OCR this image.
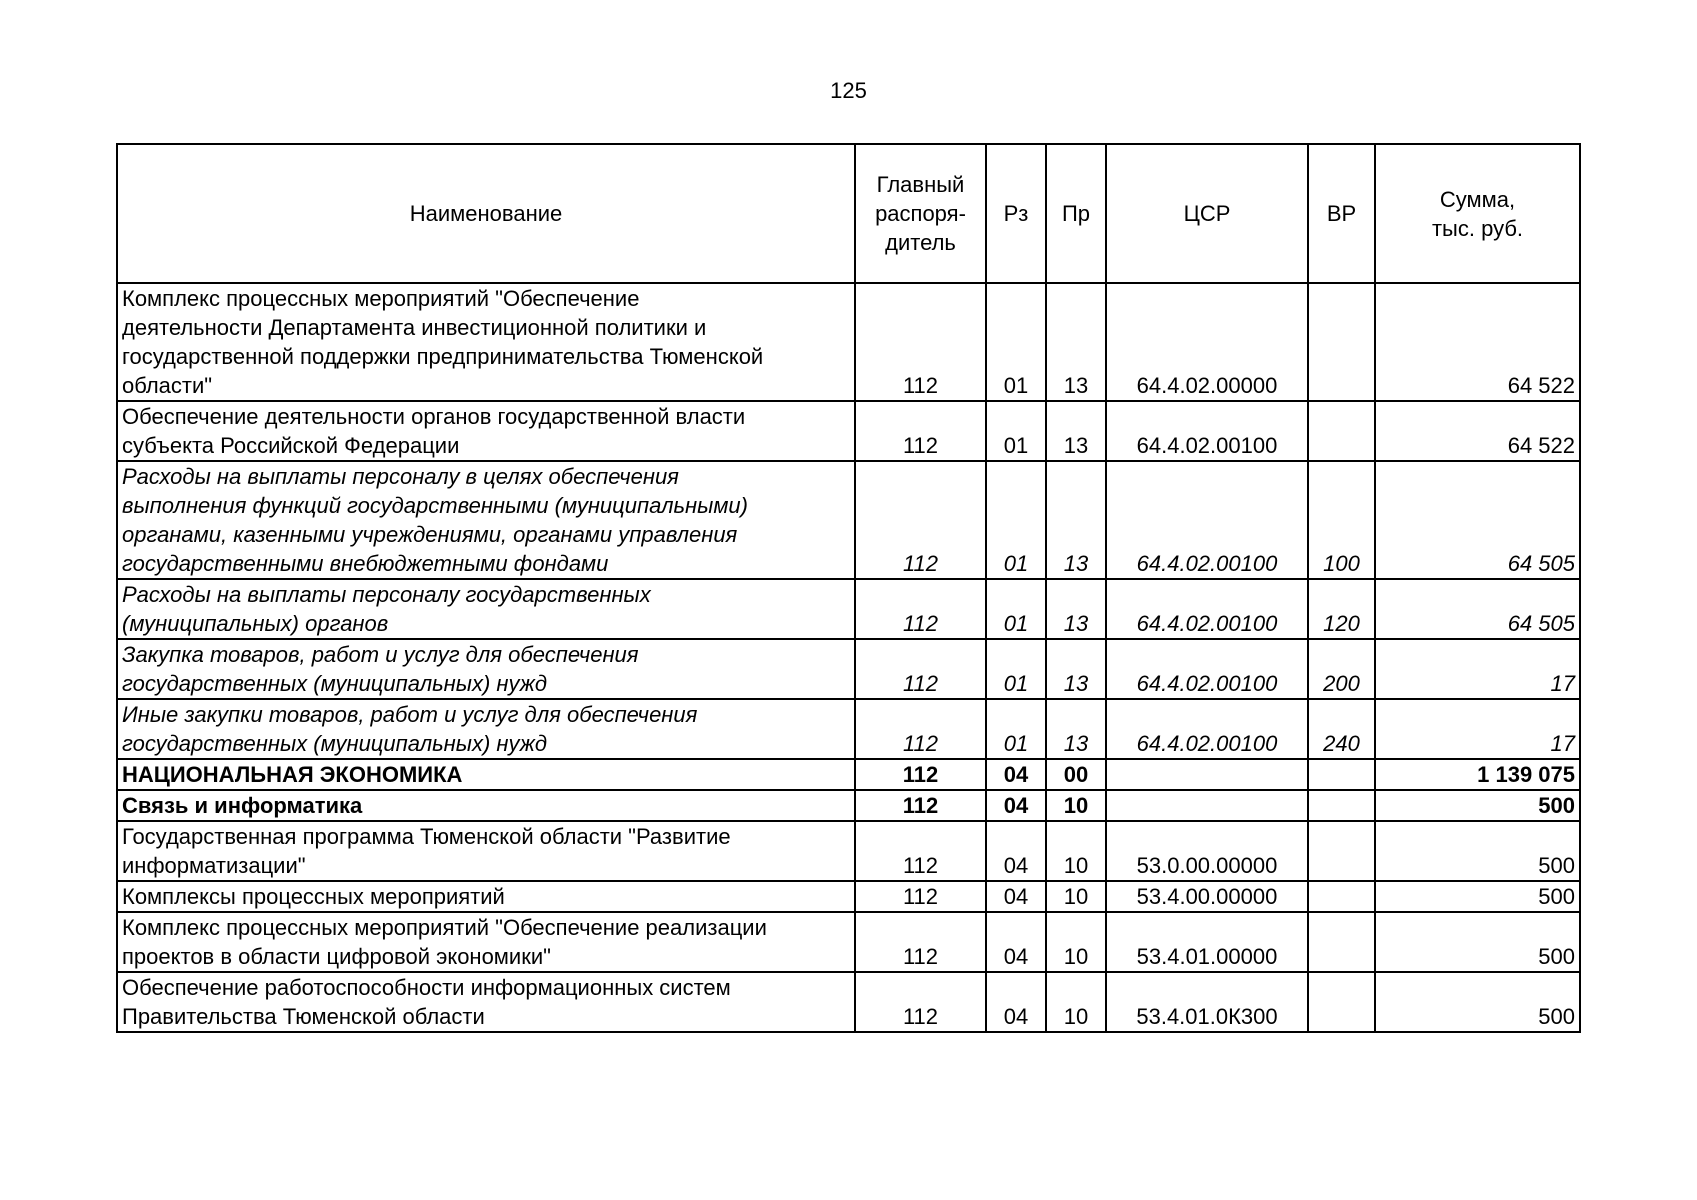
125
Наименование	Главный
распоря-
дитель	Рз	Пр	ЦСР	ВР	Сумма,
тыс. руб.
Комплекс процессных мероприятий "Обеспечение
деятельности Департамента инвестиционной политики и
государственной поддержки предпринимательства Тюменской
области"	112	01	13	64.4.02.00000		64 522
Обеспечение деятельности органов государственной власти
субъекта Российской Федерации	112	01	13	64.4.02.00100		64 522
Расходы на выплаты персоналу в целях обеспечения
выполнения функций государственными (муниципальными)
органами, казенными учреждениями, органами управления
государственными внебюджетными фондами	112	01	13	64.4.02.00100	100	64 505
Расходы на выплаты персоналу государственных
(муниципальных) органов	112	01	13	64.4.02.00100	120	64 505
Закупка товаров, работ и услуг для обеспечения
государственных (муниципальных) нужд	112	01	13	64.4.02.00100	200	17
Иные закупки товаров, работ и услуг для обеспечения
государственных (муниципальных) нужд	112	01	13	64.4.02.00100	240	17
НАЦИОНАЛЬНАЯ ЭКОНОМИКА	112	04	00			1 139 075
Связь и информатика	112	04	10			500
Государственная программа Тюменской области "Развитие
информатизации"	112	04	10	53.0.00.00000		500
Комплексы процессных мероприятий	112	04	10	53.4.00.00000		500
Комплекс процессных мероприятий "Обеспечение реализации
проектов в области цифровой экономики"	112	04	10	53.4.01.00000		500
Обеспечение работоспособности информационных систем
Правительства Тюменской области	112	04	10	53.4.01.0К300		500
